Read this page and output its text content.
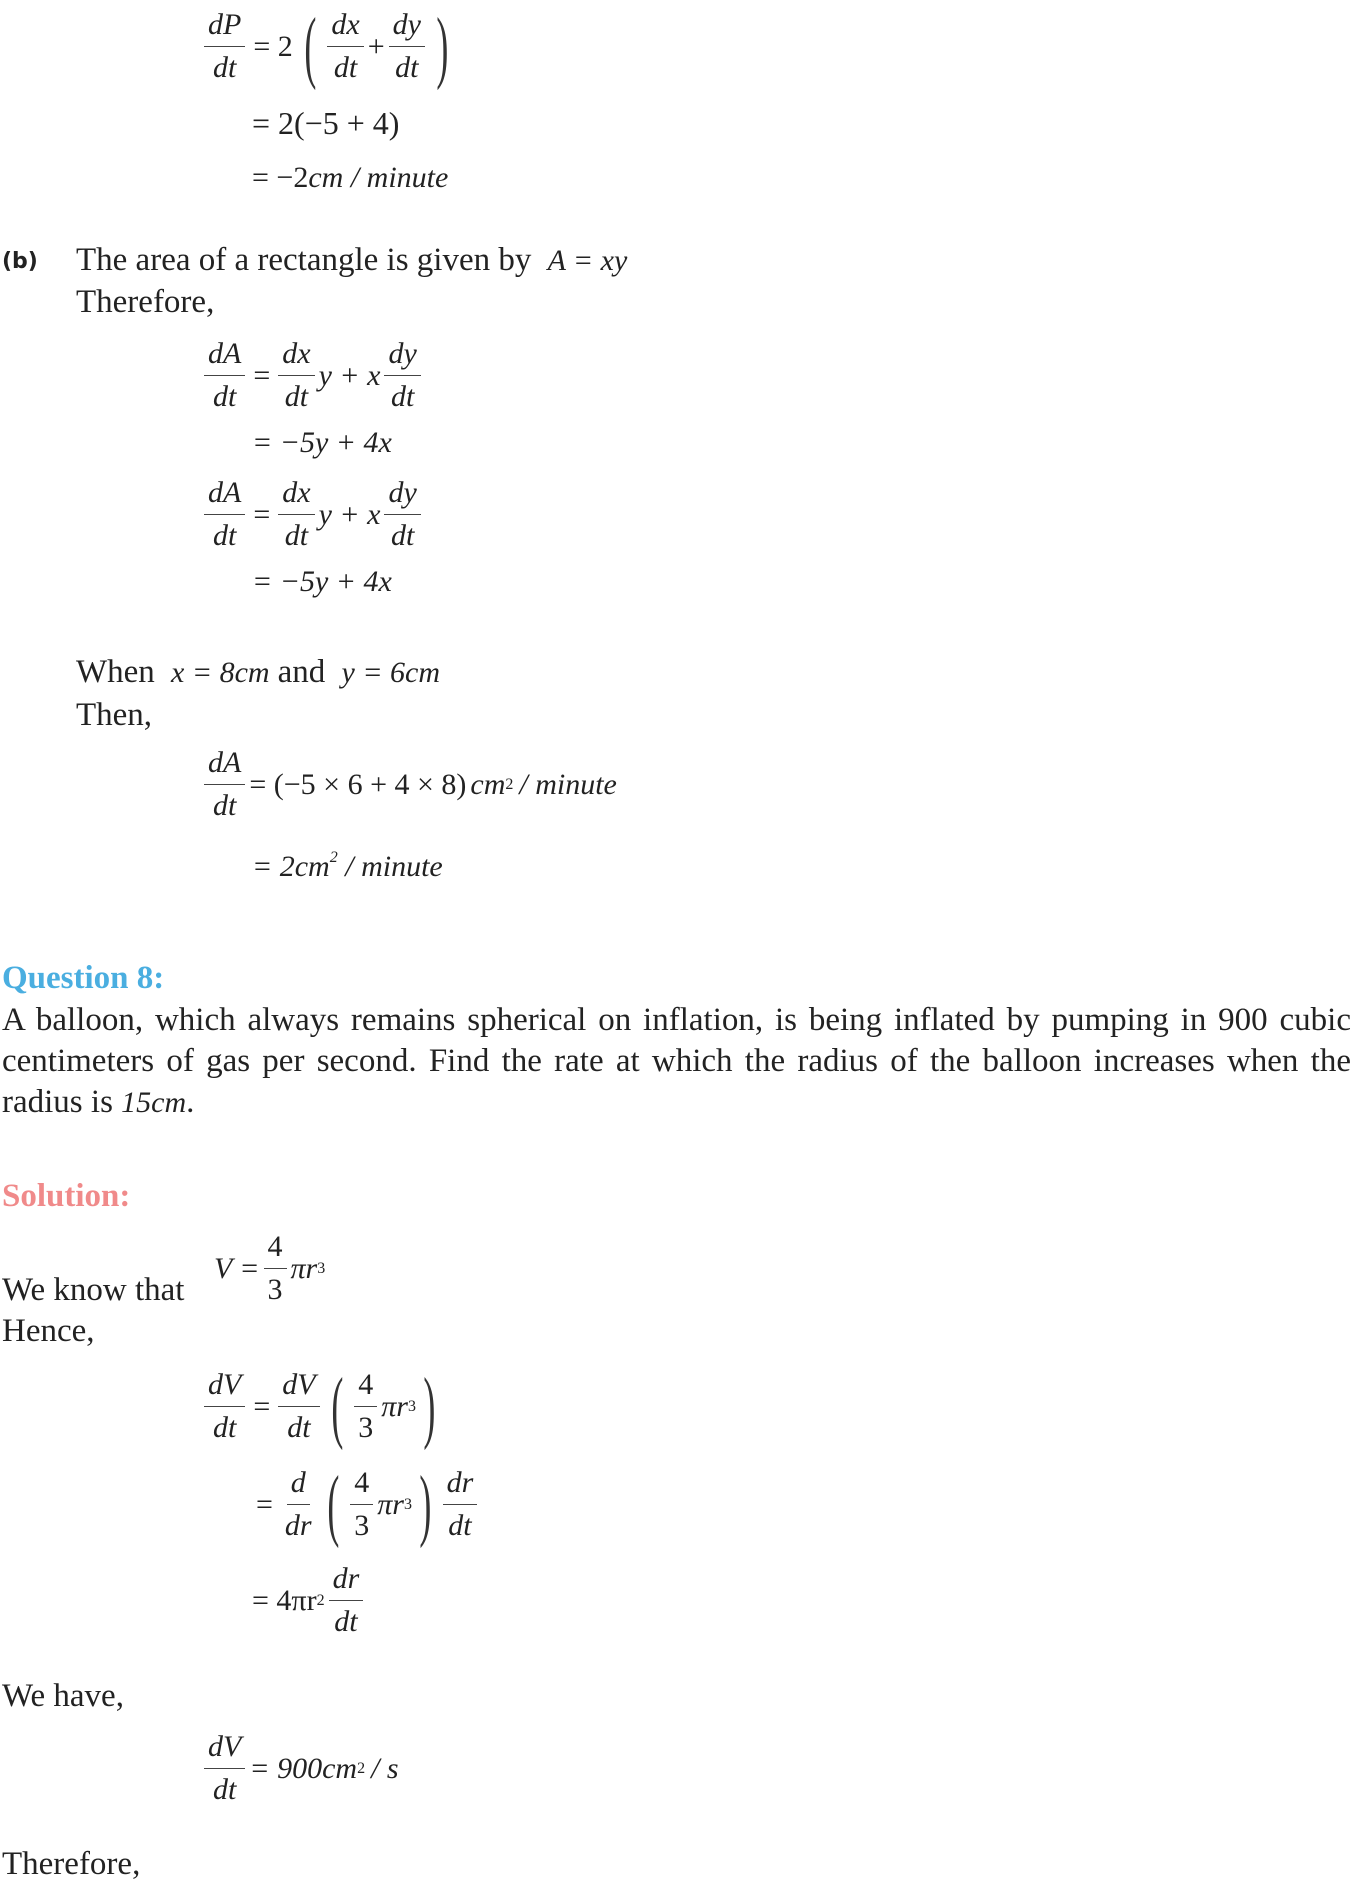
$\frac{dP}{dt} = 2$ ( $\frac{dx}{dt} + \frac{dy}{dt}$ )
= 2(−5 + 4)
= −2cm / minute
(b) The area of a rectangle is given by A = xy
Therefore,
$\frac{dA}{dt} = \frac{dx}{dt}$ y + x $\frac{dy}{dt}$
= −5y + 4x
$\frac{dA}{dt} = \frac{dx}{dt}$ y + x $\frac{dy}{dt}$
= −5y + 4x
When x = 8cm and y = 6cm
Then,
$\frac{dA}{dt} = (-5 \times 6 + 4 \times 8)$ cm 2 / minute
= $2cm^2$ / minute
Question 8:
A balloon, which always remains spherical on inflation, is being inflated by pumping in 900 cubic centimeters of gas per second. Find the rate at which the radius of the balloon increases when the radius is 15cm.
Solution:
We know that
$V = \frac{4}{3}$ πr 3
Hence,
$\frac{dV}{dt} = \frac{dV}{dt}$ ( $\frac{4}{3}$ πr 3 )
= $\frac{d}{dr}$ ( $\frac{4}{3}$ πr 3 ) $\frac{dr}{dt}$
= 4πr $2 \frac{dr}{dt}$
We have,
$\frac{dV}{dt} = 900cm$ 2 / s
Therefore,
